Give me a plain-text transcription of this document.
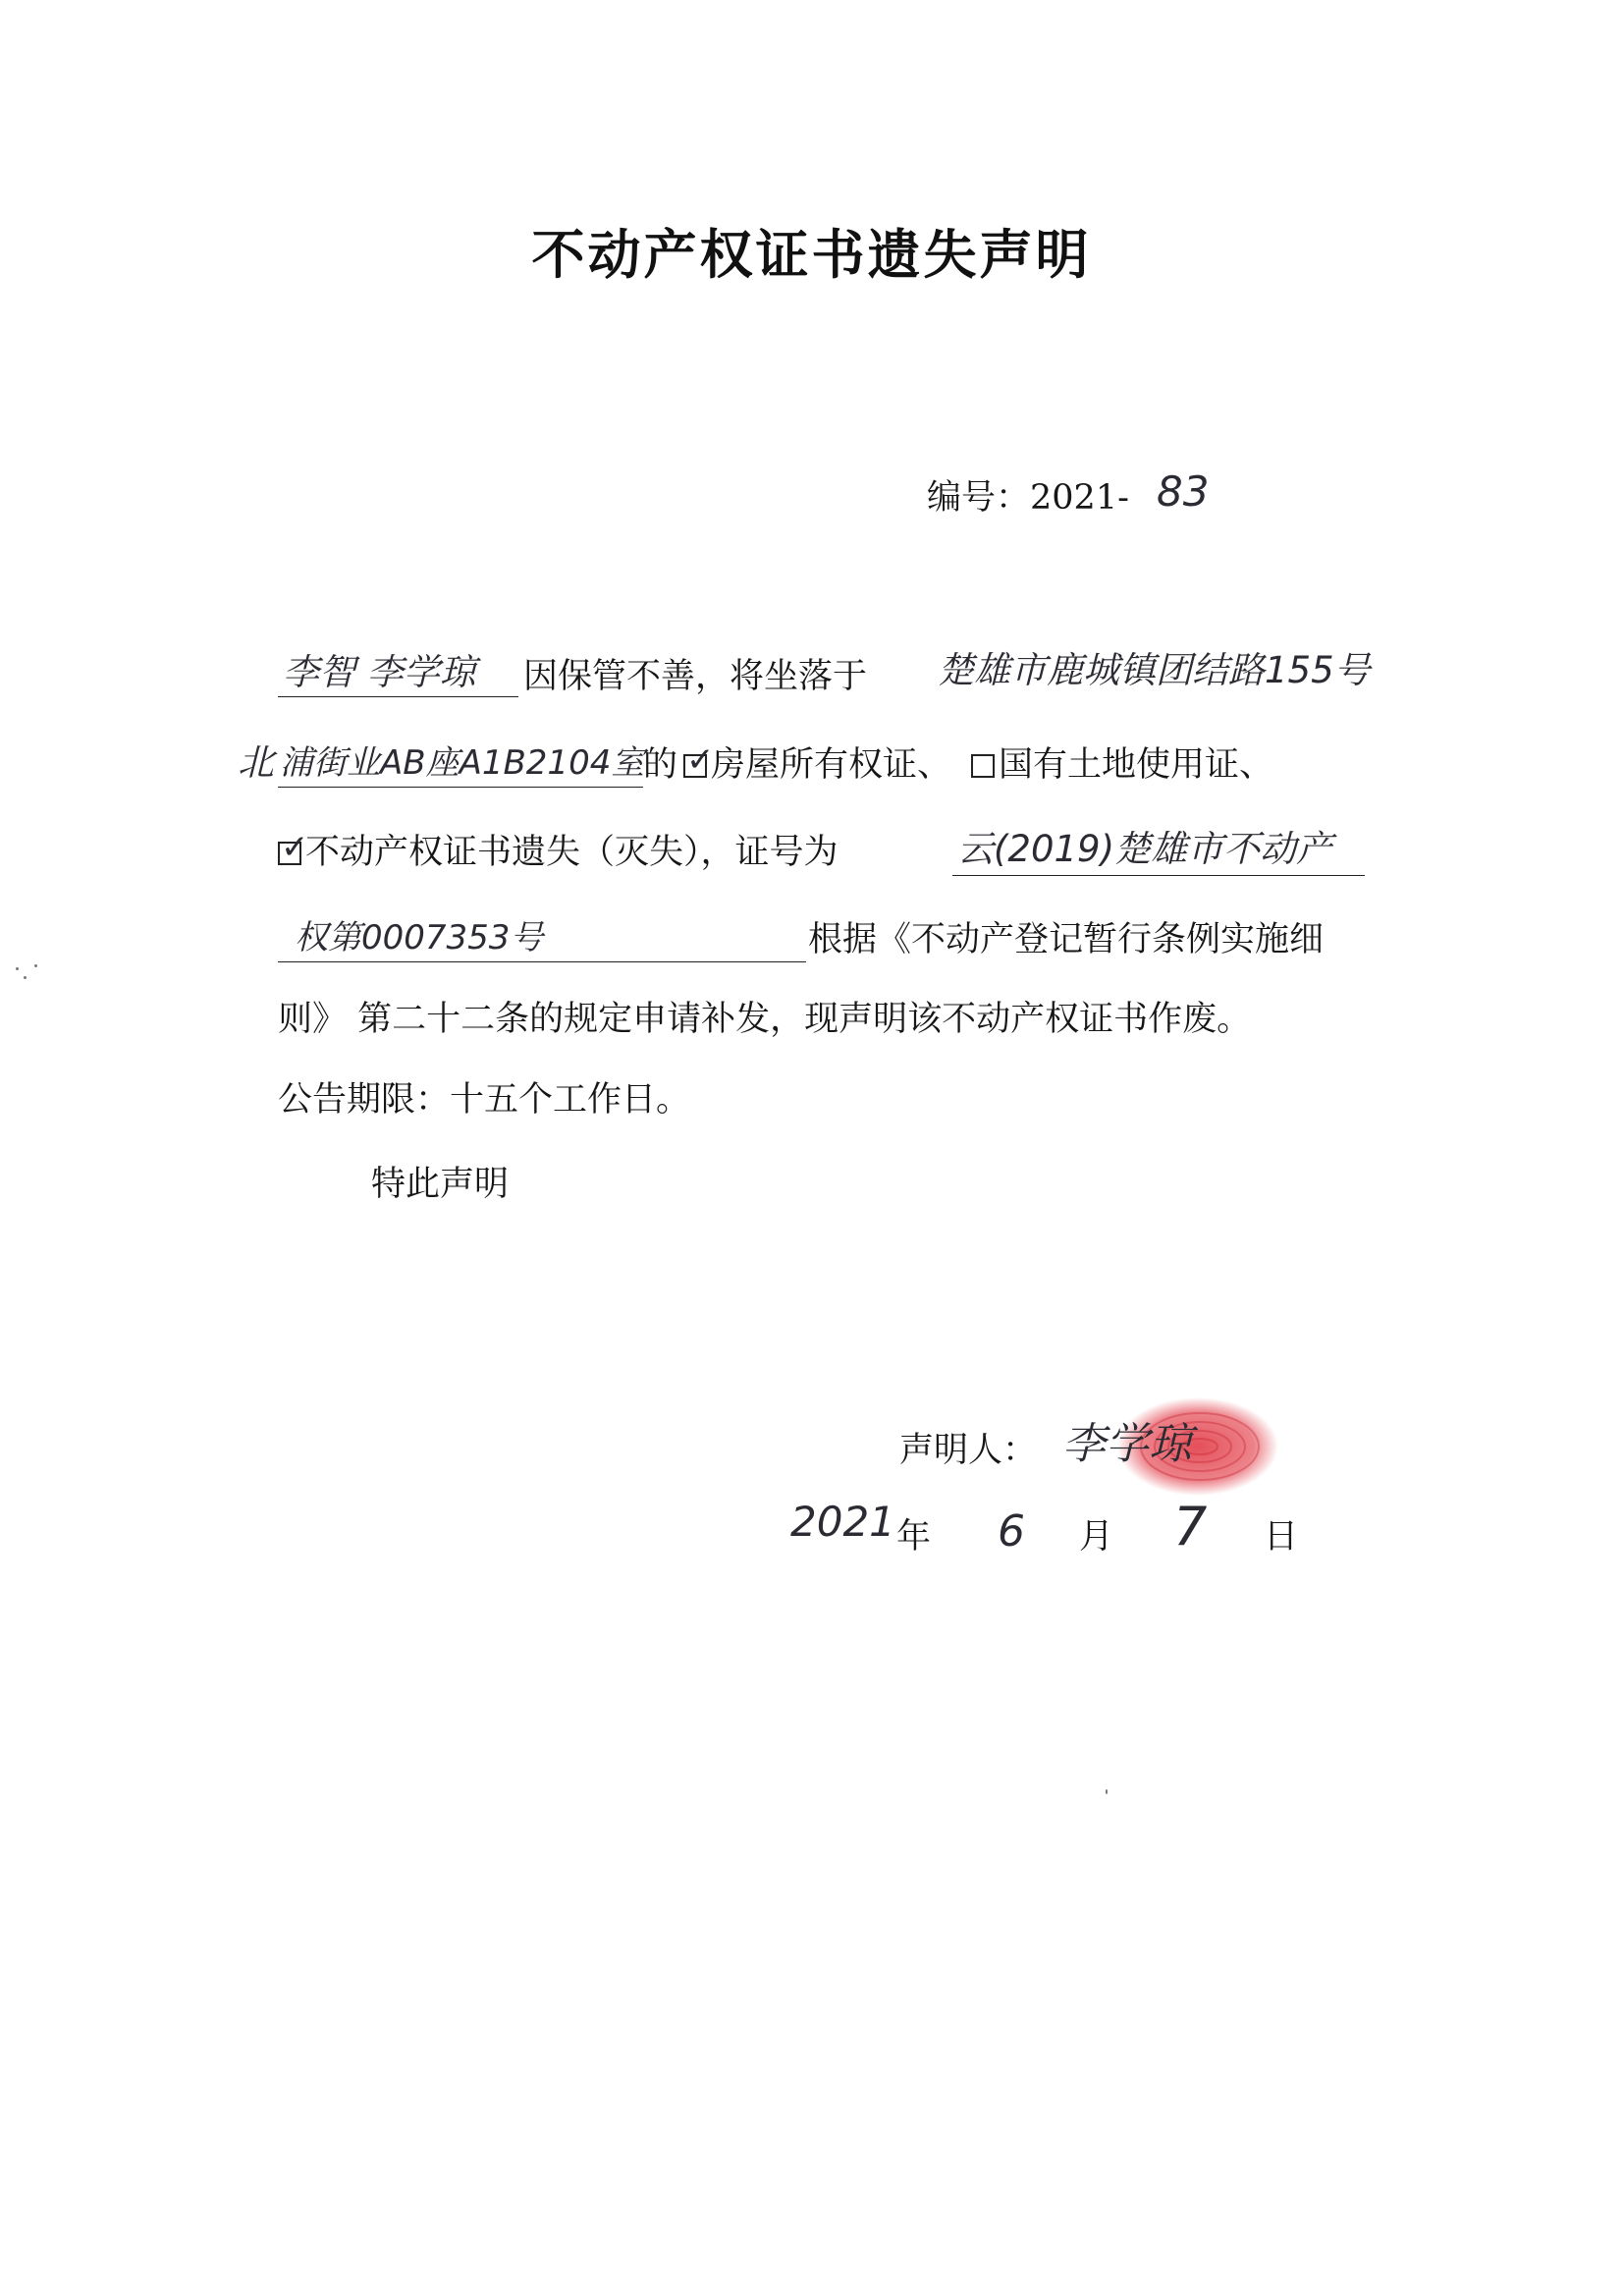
不动产权证书遗失声明
编号：2021- 83
李智 李学琼 因保管不善，将坐落于 楚雄市鹿城镇团结路155号
北 浦街业AB座A1B2104室
的 ✓
房屋所有权证、 国有土地使用证、
✓
不动产权证书遗失（灭失），证号为	云(2019)楚雄市不动产
权第0007353号	根据《不动产登记暂行条例实施细
则》 第二十二条的规定申请补发，现声明该不动产权证书作废。
公告期限：十五个工作日。
特此声明
声明人： 李学琼
2021 年 6 月 7 日
